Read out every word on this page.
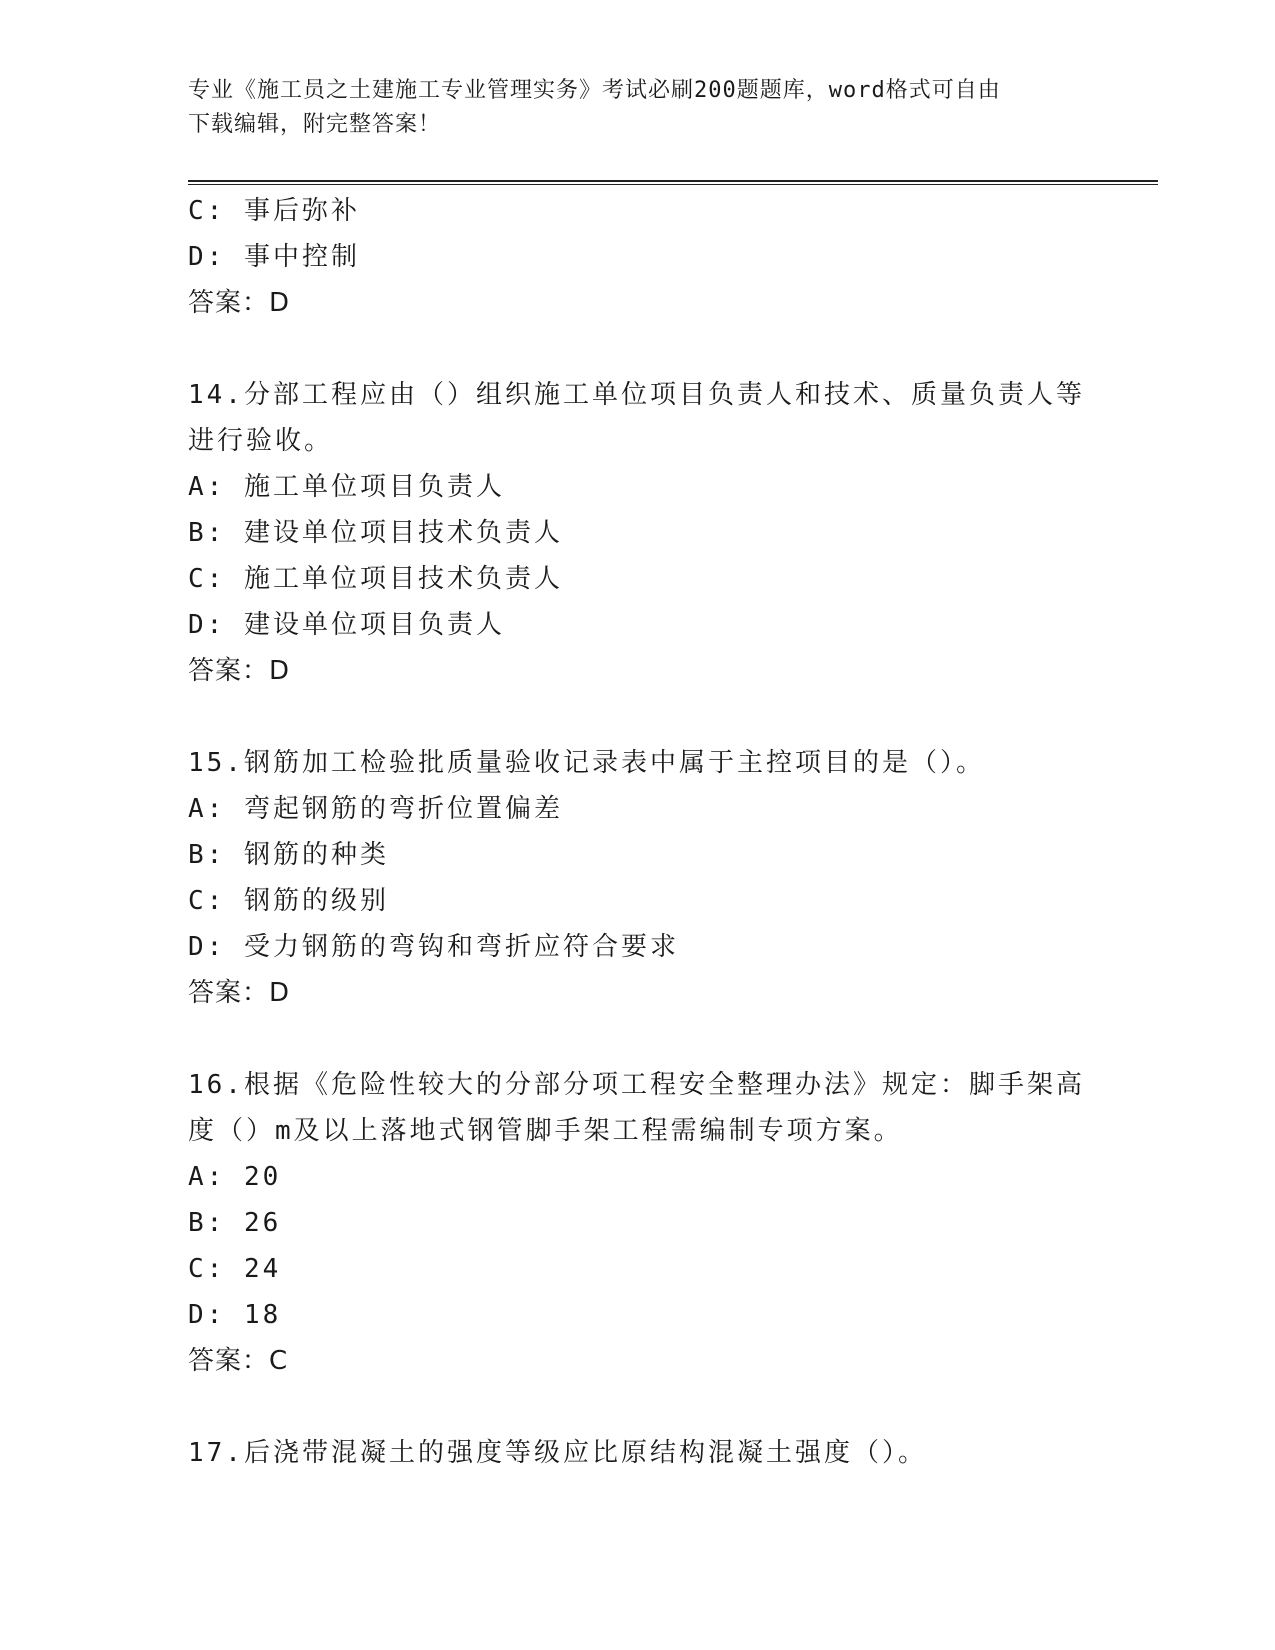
专业《施工员之土建施工专业管理实务》考试必刷200题题库，word格式可自由
下载编辑，附完整答案！
C: 事后弥补
D: 事中控制
答案：D
14.分部工程应由（）组织施工单位项目负责人和技术、质量负责人等
进行验收。
A: 施工单位项目负责人
B: 建设单位项目技术负责人
C: 施工单位项目技术负责人
D: 建设单位项目负责人
答案：D
15.钢筋加工检验批质量验收记录表中属于主控项目的是（）。
A: 弯起钢筋的弯折位置偏差
B: 钢筋的种类
C: 钢筋的级别
D: 受力钢筋的弯钩和弯折应符合要求
答案：D
16.根据《危险性较大的分部分项工程安全整理办法》规定：脚手架高
度（）m及以上落地式钢管脚手架工程需编制专项方案。
A: 20
B: 26
C: 24
D: 18
答案：C
17.后浇带混凝土的强度等级应比原结构混凝土强度（）。
